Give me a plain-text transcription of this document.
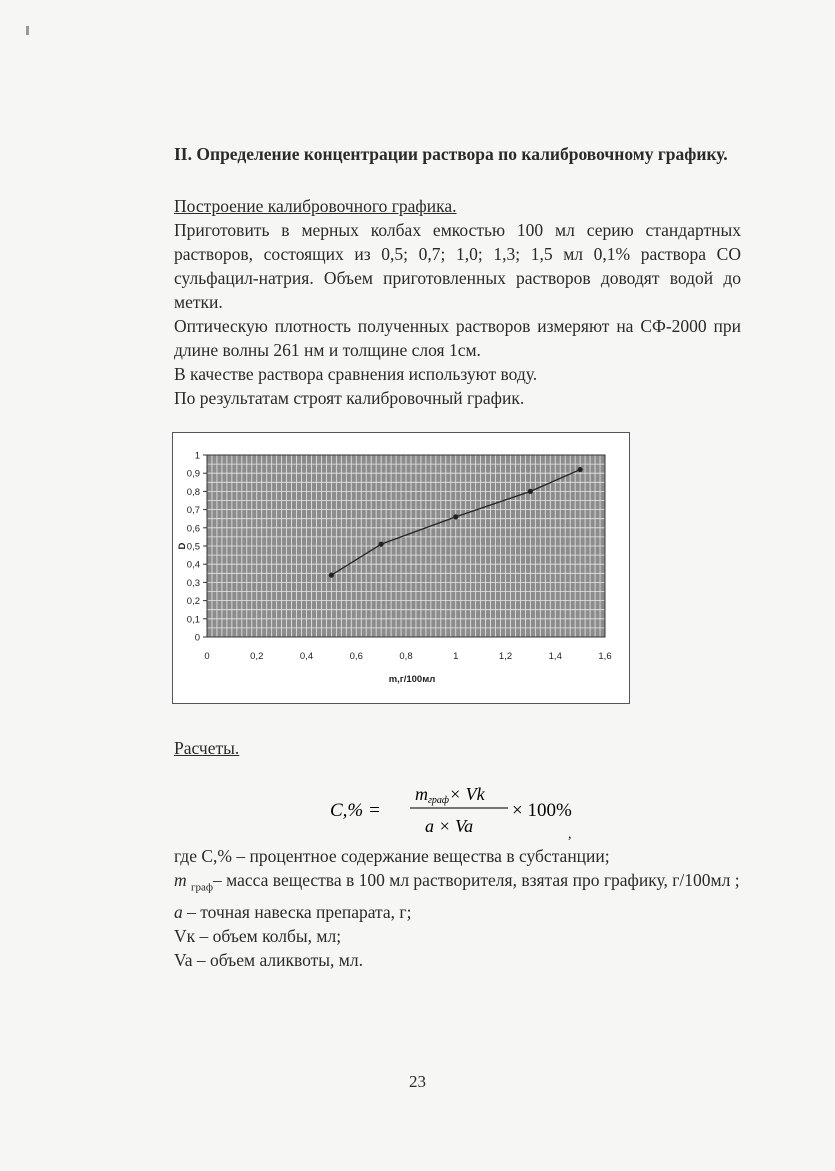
II. Определение концентрации раствора по калибровочному графику.
Построение калибровочного графика.

Приготовить в мерных колбах емкостью 100 мл серию стандартных растворов, состоящих из 0,5; 0,7; 1,0; 1,3; 1,5 мл 0,1% раствора СО сульфацил-натрия. Объем приготовленных растворов доводят водой до метки.

Оптическую плотность полученных растворов измеряют на СФ-2000 при длине волны 261 нм и толщине слоя 1см.

В качестве раствора сравнения используют воду.

По результатам строят калибровочный график.

0
0,1
0,2
0,3
0,4
0,5
0,6
0,7
0,8
0,9
1
0	0,2	0,4	0,6	0,8	1	1,2	1,4	1,6
m,г/100мл
D
Расчеты.
С,% =
mграф× Vk
a × Va
× 100%
,
где С,% – процентное содержание вещества в субстанции;
m $_{граф}$– масса вещества в 100 мл растворителя, взятая про графику, г/100мл ;
a – точная навеска препарата, г;
Vк – объем колбы, мл;
Va – объем аликвоты, мл.
23
